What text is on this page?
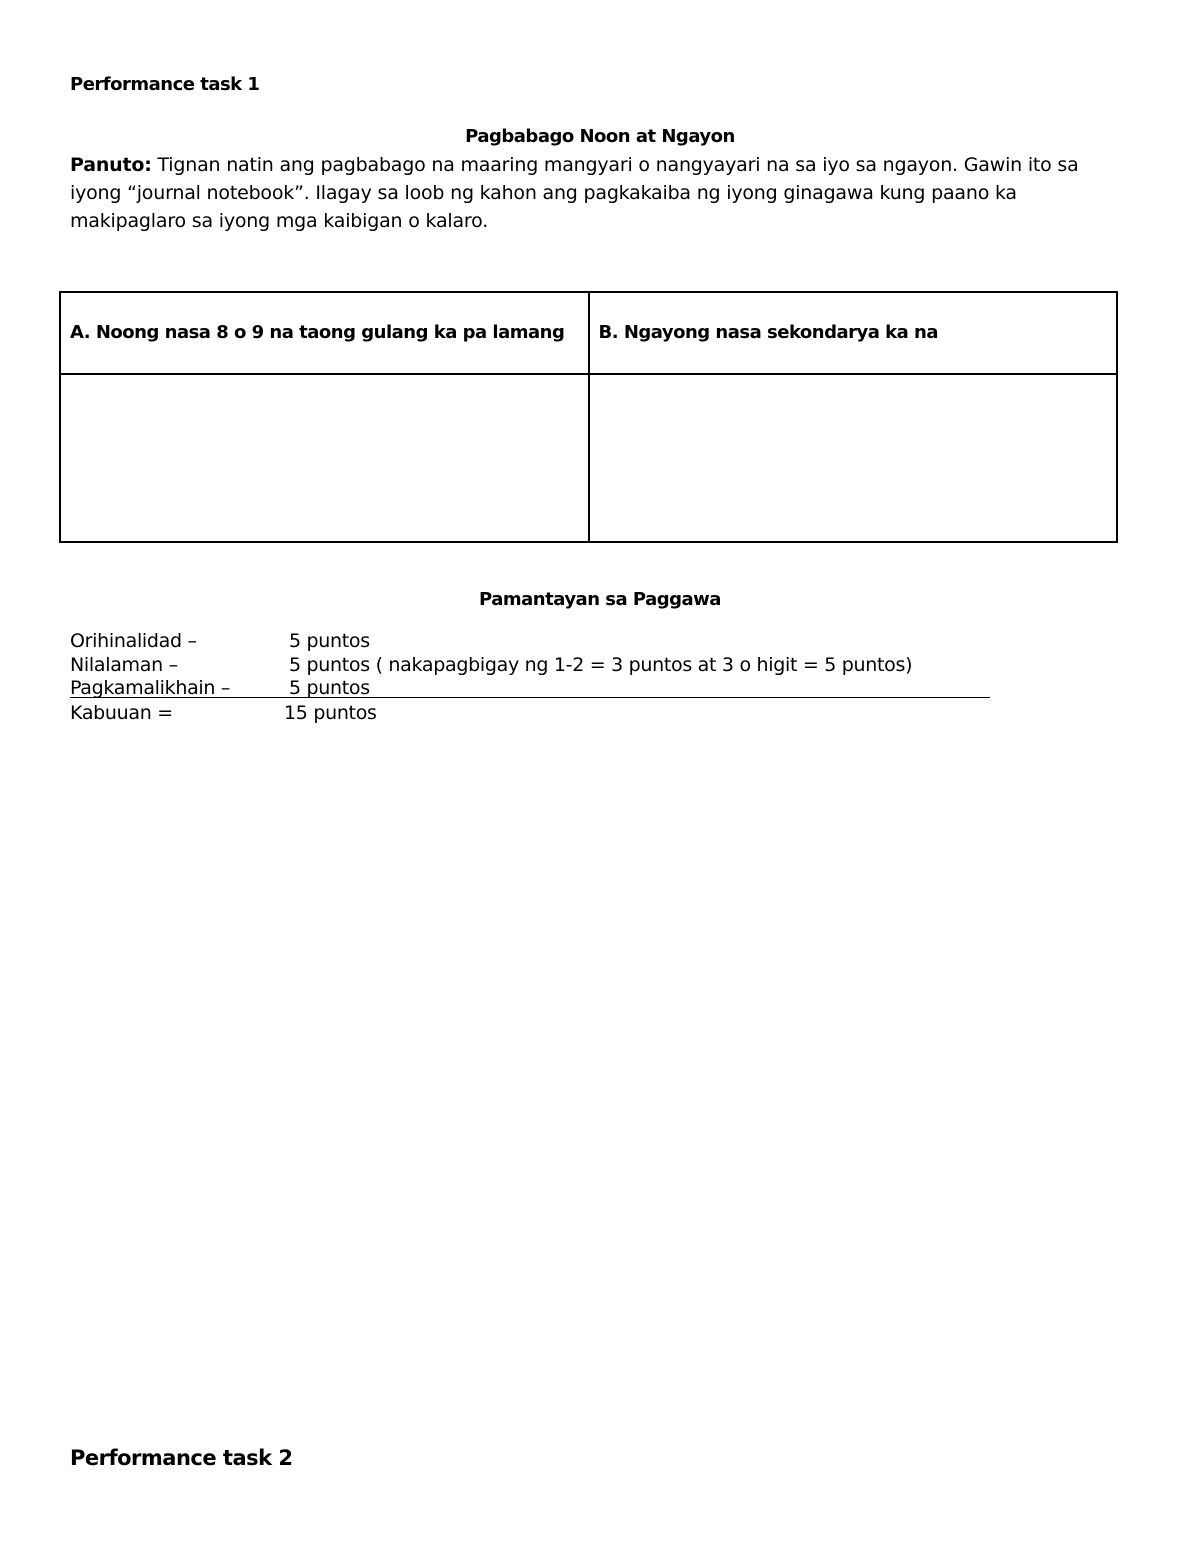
Performance task 1
Pagbabago Noon at Ngayon
Panuto: Tignan natin ang pagbabago na maaring mangyari o nangyayari na sa iyo sa ngayon. Gawin ito sa iyong “journal notebook”. Ilagay sa loob ng kahon ang pagkakaiba ng iyong ginagawa kung paano ka makipaglaro sa iyong mga kaibigan o kalaro.
A. Noong nasa 8 o 9 na taong gulang ka pa lamang	B. Ngayong nasa sekondarya ka na

Pamantayan sa Paggawa
Orihinalidad –	5 puntos
Nilalaman –	5 puntos ( nakapagbigay ng 1-2 = 3 puntos at 3 o higit = 5 puntos)
Pagkamalikhain –	5 puntos
Kabuuan =	15 puntos
Performance task 2
